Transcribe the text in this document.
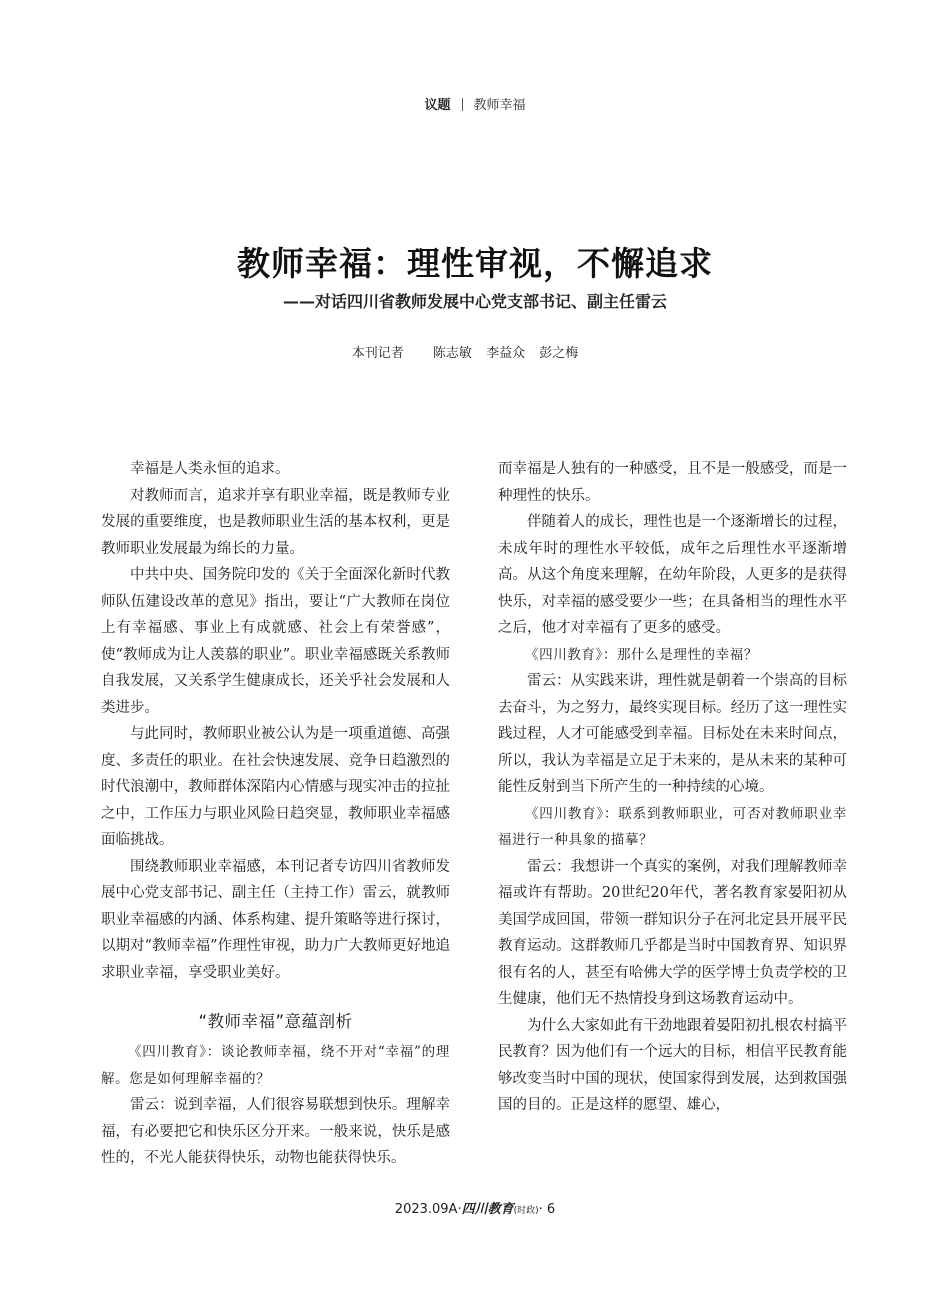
议题 教师幸福
教师幸福：理性审视，不懈追求
——对话四川省教师发展中心党支部书记、副主任雷云
本刊记者 陈志敏 李益众 彭之梅

幸福是人类永恒的追求。

对教师而言，追求并享有职业幸福，既是教师专业发展的重要维度，也是教师职业生活的基本权利，更是教师职业发展最为绵长的力量。

中共中央、国务院印发的《关于全面深化新时代教师队伍建设改革的意见》指出，要让“广大教师在岗位上有幸福感、事业上有成就感、社会上有荣誉感”，使“教师成为让人羡慕的职业”。职业幸福感既关系教师自我发展，又关系学生健康成长，还关乎社会发展和人类进步。

与此同时，教师职业被公认为是一项重道德、高强度、多责任的职业。在社会快速发展、竞争日趋激烈的时代浪潮中，教师群体深陷内心情感与现实冲击的拉扯之中，工作压力与职业风险日趋突显，教师职业幸福感面临挑战。

围绕教师职业幸福感，本刊记者专访四川省教师发展中心党支部书记、副主任（主持工作）雷云，就教师职业幸福感的内涵、体系构建、提升策略等进行探讨，以期对“教师幸福”作理性审视，助力广大教师更好地追求职业幸福，享受职业美好。

“教师幸福”意蕴剖析

《四川教育》：谈论教师幸福，绕不开对“幸福”的理解。您是如何理解幸福的？

雷云：说到幸福，人们很容易联想到快乐。理解幸福，有必要把它和快乐区分开来。一般来说，快乐是感性的，不光人能获得快乐，动物也能获得快乐。

而幸福是人独有的一种感受，且不是一般感受，而是一种理性的快乐。

伴随着人的成长，理性也是一个逐渐增长的过程，未成年时的理性水平较低，成年之后理性水平逐渐增高。从这个角度来理解，在幼年阶段，人更多的是获得快乐，对幸福的感受要少一些；在具备相当的理性水平之后，他才对幸福有了更多的感受。

《四川教育》：那什么是理性的幸福？

雷云：从实践来讲，理性就是朝着一个崇高的目标去奋斗，为之努力，最终实现目标。经历了这一理性实践过程，人才可能感受到幸福。目标处在未来时间点，所以，我认为幸福是立足于未来的，是从未来的某种可能性反射到当下所产生的一种持续的心境。

《四川教育》：联系到教师职业，可否对教师职业幸福进行一种具象的描摹？

雷云：我想讲一个真实的案例，对我们理解教师幸福或许有帮助。20世纪20年代，著名教育家晏阳初从美国学成回国，带领一群知识分子在河北定县开展平民教育运动。这群教师几乎都是当时中国教育界、知识界很有名的人，甚至有哈佛大学的医学博士负责学校的卫生健康，他们无不热情投身到这场教育运动中。

为什么大家如此有干劲地跟着晏阳初扎根农村搞平民教育？因为他们有一个远大的目标，相信平民教育能够改变当时中国的现状，使国家得到发展，达到救国强国的目的。正是这样的愿望、雄心，

2023.09A·四川教育(时政)· 6
